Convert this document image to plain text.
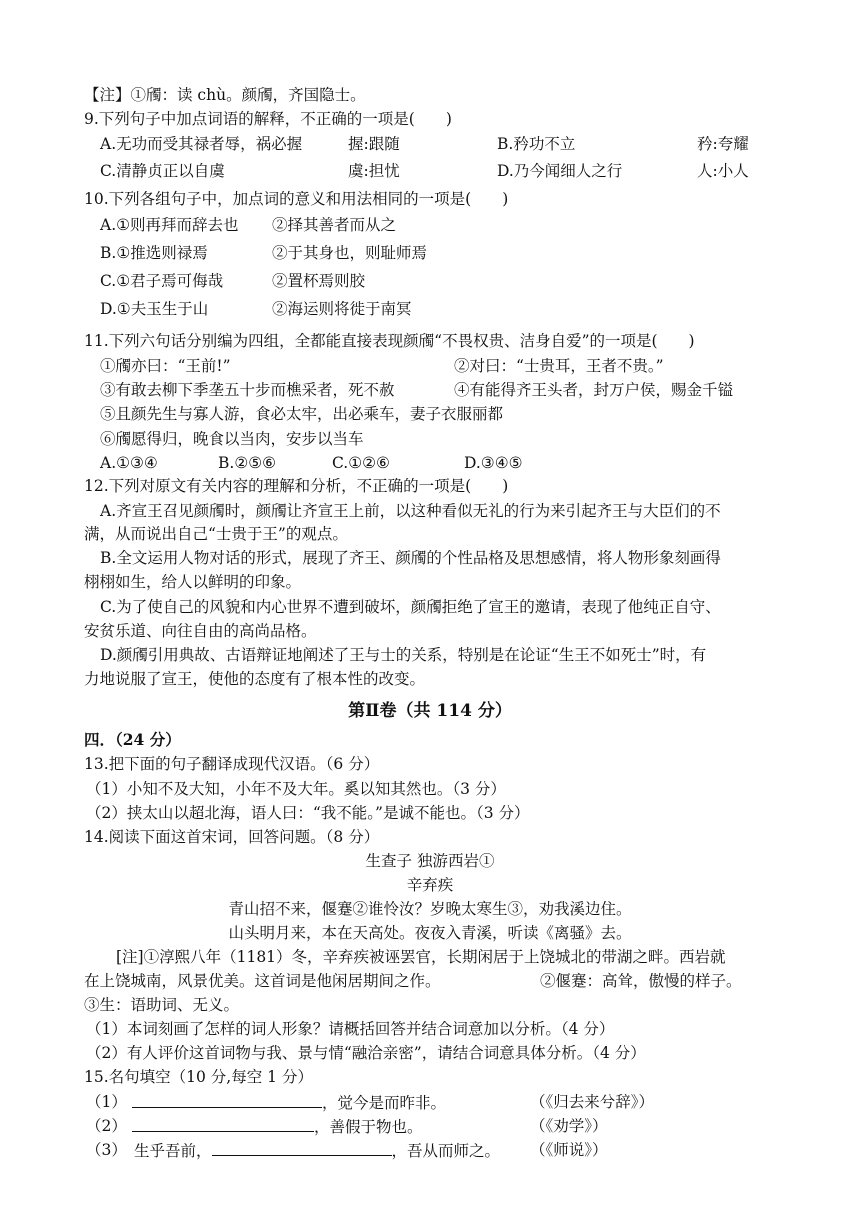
【注】①斶：读 chù。颜斶，齐国隐士。
9.下列句子中加点词语的解释，不正确的一项是(　　)
A.无功而受其禄者辱，祸必握	握:跟随	B.矜功不立	矜:夸耀
C.清静贞正以自虞	虞:担忧	D.乃今闻细人之行	人:小人
10.下列各组句子中，加点词的意义和用法相同的一项是(　　)
A.①则再拜而辞去也 ②择其善者而从之
B.①推选则禄焉	②于其身也，则耻师焉
C.①君子焉可侮哉	②置杯焉则胶
D.①夫玉生于山	②海运则将徙于南冥
11.下列六句话分别编为四组，全都能直接表现颜斶“不畏权贵、洁身自爱”的一项是(　　)
①斶亦曰：“王前!”	②对曰：“士贵耳，王者不贵。”
③有敢去柳下季垄五十步而樵采者，死不赦	④有能得齐王头者，封万户侯，赐金千镒
⑤且颜先生与寡人游，食必太牢，出必乘车，妻子衣服丽都
⑥斶愿得归，晚食以当肉，安步以当车
A.①③④	B.②⑤⑥	C.①②⑥	D.③④⑤
12.下列对原文有关内容的理解和分析，不正确的一项是(　　)
A.齐宣王召见颜斶时，颜斶让齐宣王上前，以这种看似无礼的行为来引起齐王与大臣们的不
满，从而说出自己“士贵于王”的观点。
B.全文运用人物对话的形式，展现了齐王、颜斶的个性品格及思想感情，将人物形象刻画得
栩栩如生，给人以鲜明的印象。
C.为了使自己的风貌和内心世界不遭到破坏，颜斶拒绝了宣王的邀请，表现了他纯正自守、
安贫乐道、向往自由的高尚品格。
D.颜斶引用典故、古语辩证地阐述了王与士的关系，特别是在论证“生王不如死士”时，有
力地说服了宣王，使他的态度有了根本性的改变。
第Ⅱ卷（共 114 分）
四．（24 分）
13.把下面的句子翻译成现代汉语。（6 分）
（1）小知不及大知，小年不及大年。奚以知其然也。（3 分）
（2）挟太山以超北海，语人曰：“我不能。”是诚不能也。（3 分）
14.阅读下面这首宋词，回答问题。（8 分）
生查子 独游西岩①
辛弃疾
青山招不来，偃蹇②谁怜汝？岁晚太寒生③，劝我溪边住。
山头明月来，本在天高处。夜夜入青溪，听读《离骚》去。
[注]①淳熙八年（1181）冬，辛弃疾被诬罢官，长期闲居于上饶城北的带湖之畔。西岩就
在上饶城南，风景优美。这首词是他闲居期间之作。	②偃蹇：高耸，傲慢的样子。
③生：语助词、无义。
（1）本词刻画了怎样的词人形象？请概括回答并结合词意加以分析。（4 分）
（2）有人评价这首词物与我、景与情“融洽亲密”，请结合词意具体分析。（4 分）
15.名句填空（10 分,每空 1 分）
（1）	，觉今是而昨非。	（《归去来兮辞》）
（2）	，善假于物也。	（《劝学》）
（3） 生乎吾前，	，吾从而师之。 （《师说》）
